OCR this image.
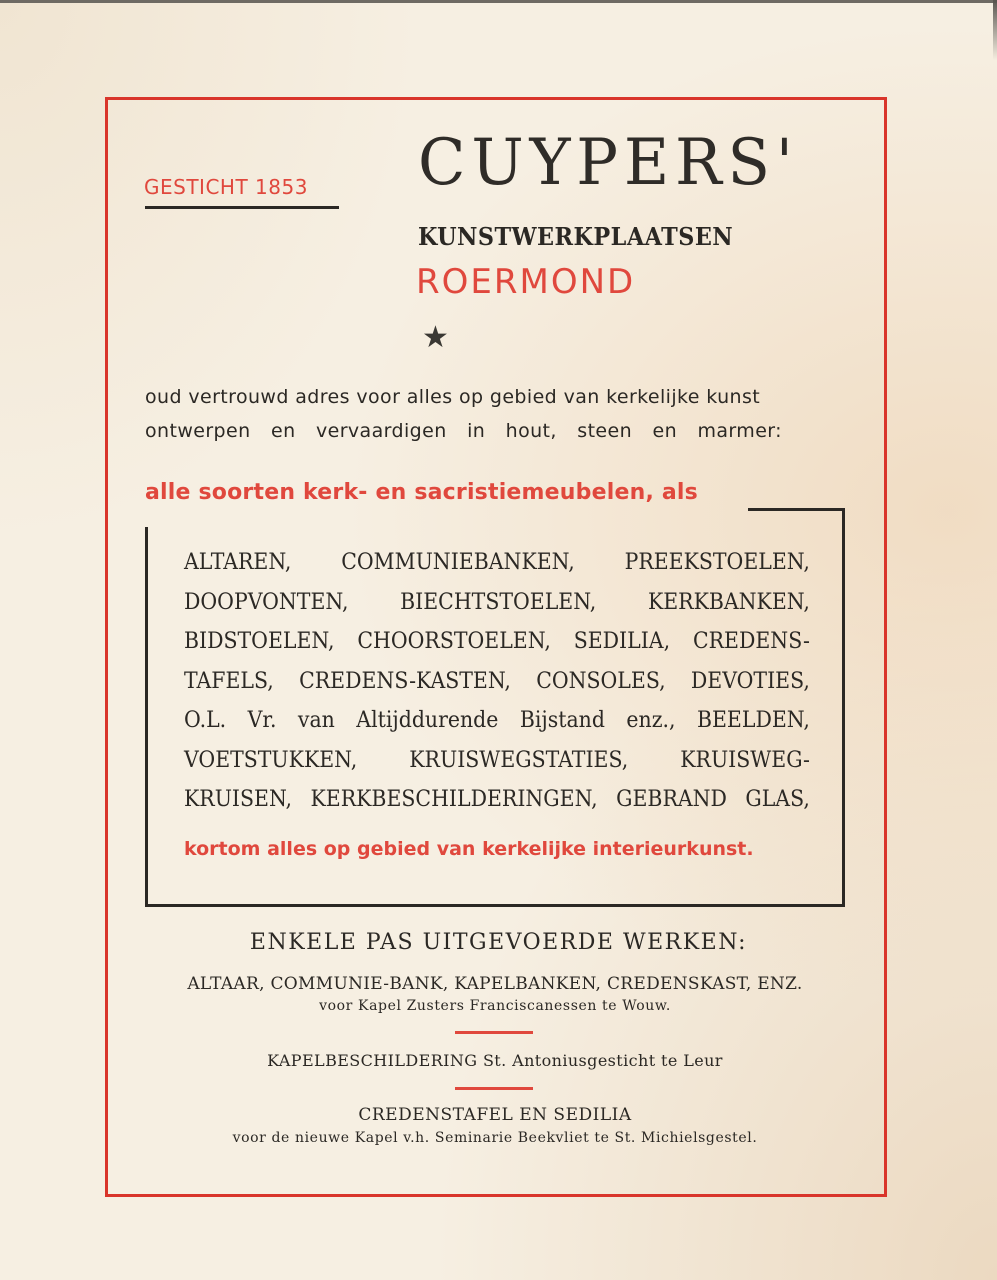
GESTICHT 1853 CUYPERS'
KUNSTWERKPLAATSEN
ROERMOND
★
oud vertrouwd adres voor alles op gebied van kerkelijke kunst
ontwerpen en vervaardigen in hout, steen en marmer:
alle soorten kerk- en sacristiemeubelen, als
ALTAREN, COMMUNIEBANKEN, PREEKSTOELEN,
DOOPVONTEN, BIECHTSTOELEN, KERKBANKEN,
BIDSTOELEN, CHOORSTOELEN, SEDILIA, CREDENS-
TAFELS, CREDENS-KASTEN, CONSOLES, DEVOTIES,
O.L. Vr. van Altijddurende Bijstand enz., BEELDEN,
VOETSTUKKEN, KRUISWEGSTATIES, KRUISWEG-
KRUISEN, KERKBESCHILDERINGEN, GEBRAND GLAS,
kortom alles op gebied van kerkelijke interieurkunst.
ENKELE PAS UITGEVOERDE WERKEN:
ALTAAR, COMMUNIE-BANK, KAPELBANKEN, CREDENSKAST, ENZ.
voor Kapel Zusters Franciscanessen te Wouw.
KAPELBESCHILDERING St. Antoniusgesticht te Leur
CREDENSTAFEL EN SEDILIA
voor de nieuwe Kapel v.h. Seminarie Beekvliet te St. Michielsgestel.
